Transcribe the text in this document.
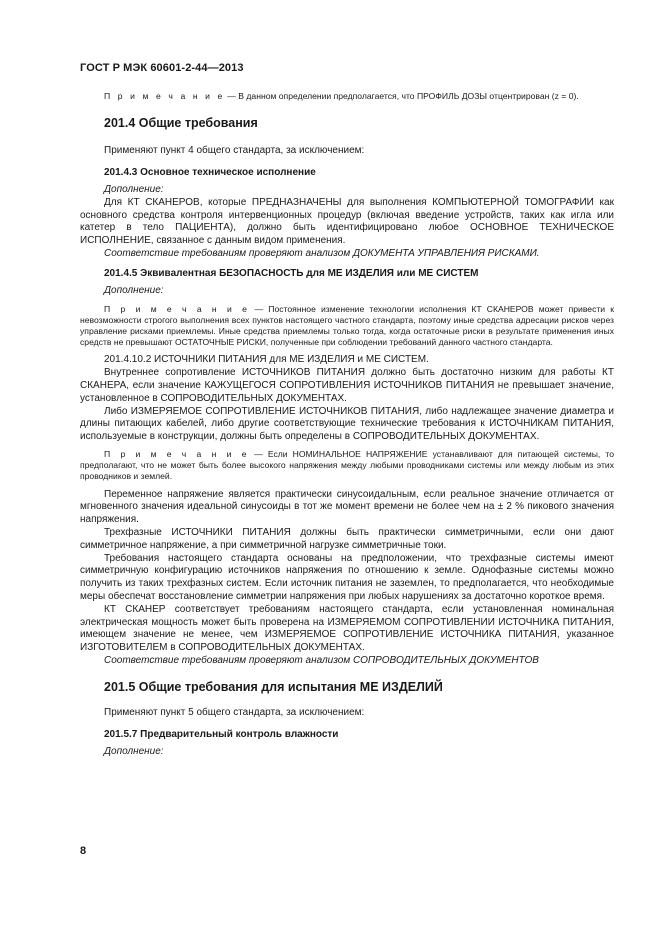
ГОСТ Р МЭК 60601-2-44—2013

П р и м е ч а н и е — В данном определении предполагается, что ПРОФИЛЬ ДОЗЫ отцентрирован (z = 0).

201.4 Общие требования

Применяют пункт 4 общего стандарта, за исключением:

201.4.3 Основное техническое исполнение

Дополнение:

Для КТ СКАНЕРОВ, которые ПРЕДНАЗНАЧЕНЫ для выполнения КОМПЬЮТЕРНОЙ ТОМОГРАФИИ как основного средства контроля интервенционных процедур (включая введение устройств, таких как игла или катетер в тело ПАЦИЕНТА), должно быть идентифицировано любое ОСНОВНОЕ ТЕХНИЧЕСКОЕ ИСПОЛНЕНИЕ, связанное с данным видом применения.

Соответствие требованиям проверяют анализом ДОКУМЕНТА УПРАВЛЕНИЯ РИСКАМИ.

201.4.5 Эквивалентная БЕЗОПАСНОСТЬ для МЕ ИЗДЕЛИЯ или МЕ СИСТЕМ

Дополнение:

П р и м е ч а н и е — Постоянное изменение технологии исполнения КТ СКАНЕРОВ может привести к невозможности строгого выполнения всех пунктов настоящего частного стандарта, поэтому иные средства адресации рисков через управление рисками приемлемы. Иные средства приемлемы только тогда, когда остаточные риски в результате применения иных средств не превышают ОСТАТОЧНЫЕ РИСКИ, полученные при соблюдении требований данного частного стандарта.

201.4.10.2 ИСТОЧНИКИ ПИТАНИЯ для МЕ ИЗДЕЛИЯ и МЕ СИСТЕМ.

Внутреннее сопротивление ИСТОЧНИКОВ ПИТАНИЯ должно быть достаточно низким для работы КТ СКАНЕРА, если значение КАЖУЩЕГОСЯ СОПРОТИВЛЕНИЯ ИСТОЧНИКОВ ПИТАНИЯ не превышает значение, установленное в СОПРОВОДИТЕЛЬНЫХ ДОКУМЕНТАХ.

Либо ИЗМЕРЯЕМОЕ СОПРОТИВЛЕНИЕ ИСТОЧНИКОВ ПИТАНИЯ, либо надлежащее значение диаметра и длины питающих кабелей, либо другие соответствующие технические требования к ИСТОЧНИКАМ ПИТАНИЯ, используемые в конструкции, должны быть определены в СОПРОВОДИТЕЛЬНЫХ ДОКУМЕНТАХ.

П р и м е ч а н и е — Если НОМИНАЛЬНОЕ НАПРЯЖЕНИЕ устанавливают для питающей системы, то предполагают, что не может быть более высокого напряжения между любыми проводниками системы или между любым из этих проводников и землей.

Переменное напряжение является практически синусоидальным, если реальное значение отличается от мгновенного значения идеальной синусоиды в тот же момент времени не более чем на ± 2 % пикового значения напряжения.

Трехфазные ИСТОЧНИКИ ПИТАНИЯ должны быть практически симметричными, если они дают симметричное напряжение, а при симметричной нагрузке симметричные токи.

Требования настоящего стандарта основаны на предположении, что трехфазные системы имеют симметричную конфигурацию источников напряжения по отношению к земле. Однофазные системы можно получить из таких трехфазных систем. Если источник питания не заземлен, то предполагается, что необходимые меры обеспечат восстановление симметрии напряжения при любых нарушениях за достаточно короткое время.

КТ СКАНЕР соответствует требованиям настоящего стандарта, если установленная номинальная электрическая мощность может быть проверена на ИЗМЕРЯЕМОМ СОПРОТИВЛЕНИИ ИСТОЧНИКА ПИТАНИЯ, имеющем значение не менее, чем ИЗМЕРЯЕМОЕ СОПРОТИВЛЕНИЕ ИСТОЧНИКА ПИТАНИЯ, указанное ИЗГОТОВИТЕЛЕМ в СОПРОВОДИТЕЛЬНЫХ ДОКУМЕНТАХ.

Соответствие требованиям проверяют анализом СОПРОВОДИТЕЛЬНЫХ ДОКУМЕНТОВ

201.5 Общие требования для испытания МЕ ИЗДЕЛИЙ

Применяют пункт 5 общего стандарта, за исключением:

201.5.7 Предварительный контроль влажности

Дополнение:

8
